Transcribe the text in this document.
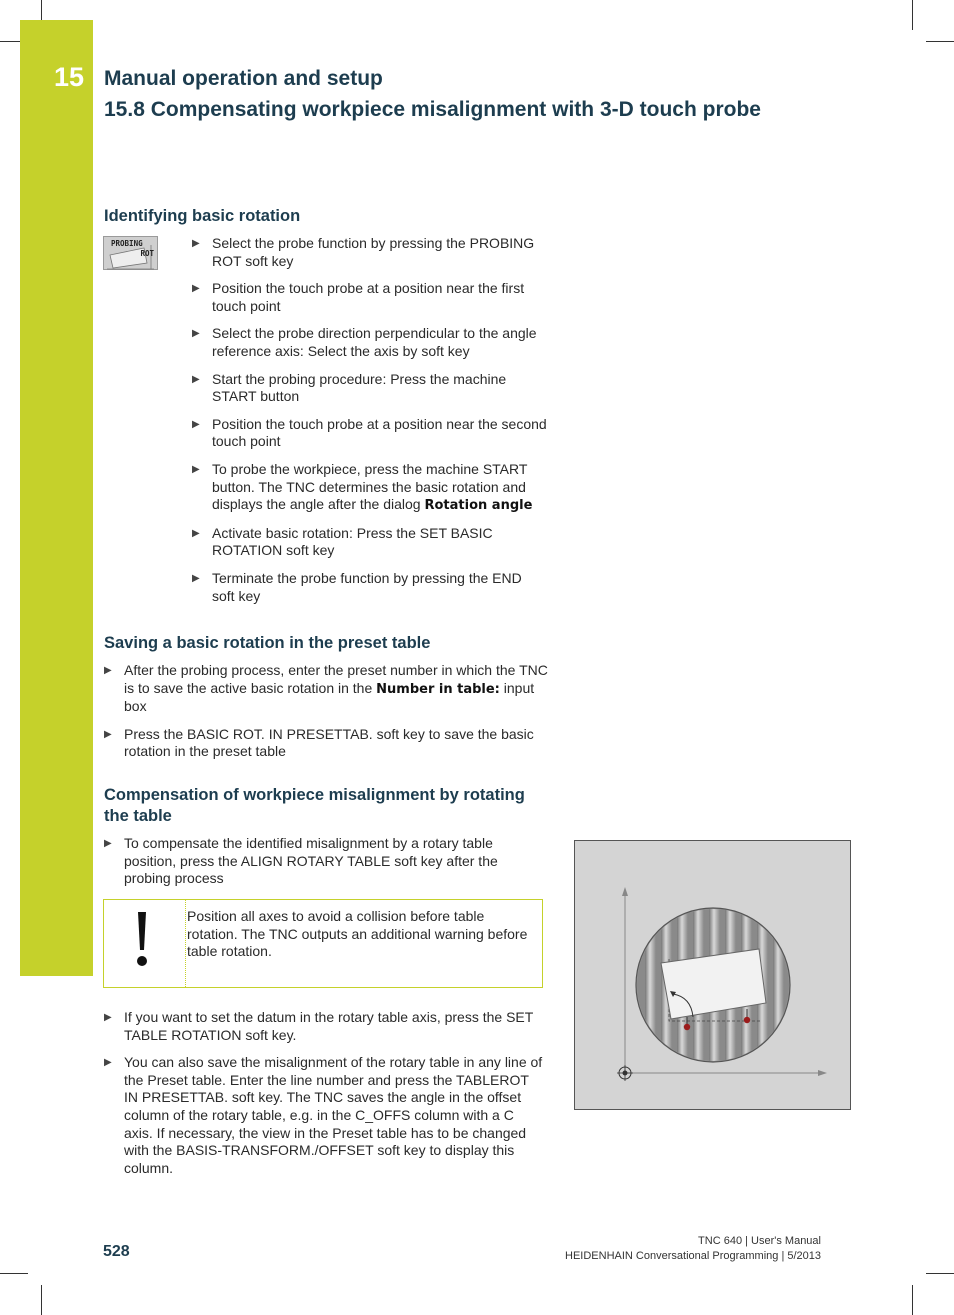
15 Manual operation and setup
15.8 Compensating workpiece misalignment with 3-D touch probe
Identifying basic rotation
PROBING
ROT
▶ Select the probe function by pressing the PROBING ROT soft key
▶ Position the touch probe at a position near the first touch point
▶ Select the probe direction perpendicular to the angle reference axis: Select the axis by soft key
▶ Start the probing procedure: Press the machine START button
▶ Position the touch probe at a position near the second touch point
▶ To probe the workpiece, press the machine START button. The TNC determines the basic rotation and displays the angle after the dialog Rotation angle
▶ Activate basic rotation: Press the SET BASIC ROTATION soft key
▶ Terminate the probe function by pressing the END soft key
Saving a basic rotation in the preset table
▶ After the probing process, enter the preset number in which the TNC is to save the active basic rotation in the Number in table: input box
▶ Press the BASIC ROT. IN PRESETTAB. soft key to save the basic rotation in the preset table
Compensation of workpiece misalignment by rotating
the table
▶ To compensate the identified misalignment by a rotary table position, press the ALIGN ROTARY TABLE soft key after the probing process
Position all axes to avoid a collision before table rotation. The TNC outputs an additional warning before table rotation.
▶ If you want to set the datum in the rotary table axis, press the SET TABLE ROTATION soft key.
▶ You can also save the misalignment of the rotary table in any line of the Preset table. Enter the line number and press the TABLEROT IN PRESETTAB. soft key. The TNC saves the angle in the offset column of the rotary table, e.g. in the C_OFFS column with a C axis. If necessary, the view in the Preset table has to be changed with the BASIS-TRANSFORM./OFFSET soft key to display this column.
528
TNC 640 | User's Manual
HEIDENHAIN Conversational Programming | 5/2013
